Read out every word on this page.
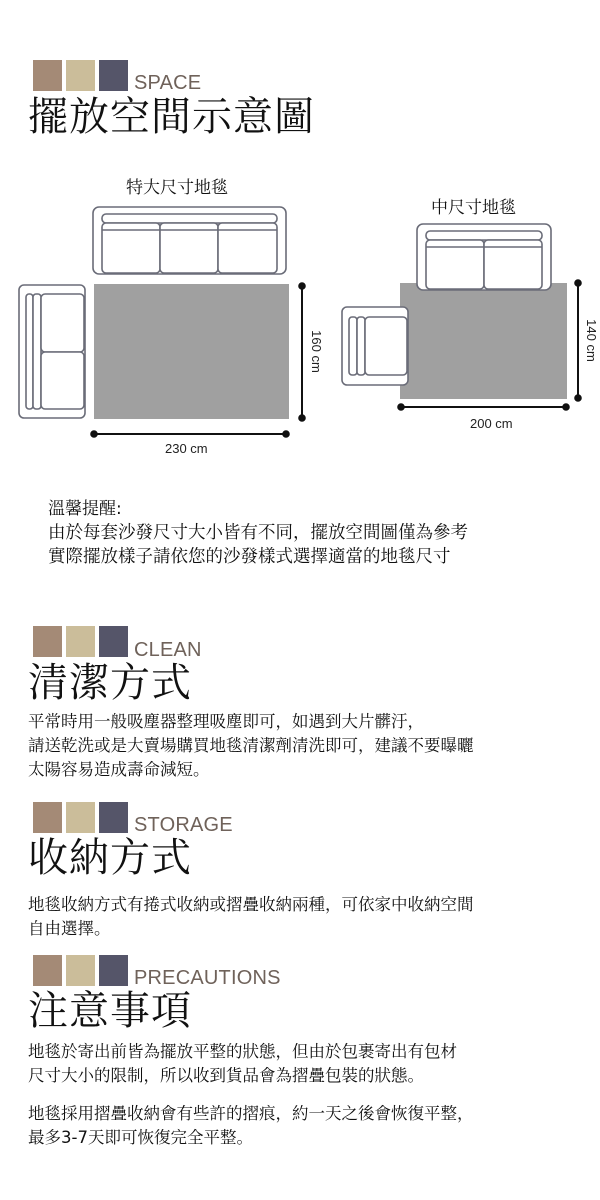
SPACE
擺放空間示意圖
特大尺寸地毯
230 cm
160 cm
中尺寸地毯
200 cm
140 cm
溫馨提醒:
由於每套沙發尺寸大小皆有不同，擺放空間圖僅為參考
實際擺放樣子請依您的沙發樣式選擇適當的地毯尺寸
CLEAN
清潔方式
平常時用一般吸塵器整理吸塵即可，如遇到大片髒汙，
請送乾洗或是大賣場購買地毯清潔劑清洗即可，建議不要曝曬
太陽容易造成壽命減短。
STORAGE
收納方式
地毯收納方式有捲式收納或摺疊收納兩種，可依家中收納空間
自由選擇。
PRECAUTIONS
注意事項
地毯於寄出前皆為擺放平整的狀態，但由於包裹寄出有包材
尺寸大小的限制，所以收到貨品會為摺疊包裝的狀態。
地毯採用摺疊收納會有些許的摺痕，約一天之後會恢復平整，
最多3-7天即可恢復完全平整。
